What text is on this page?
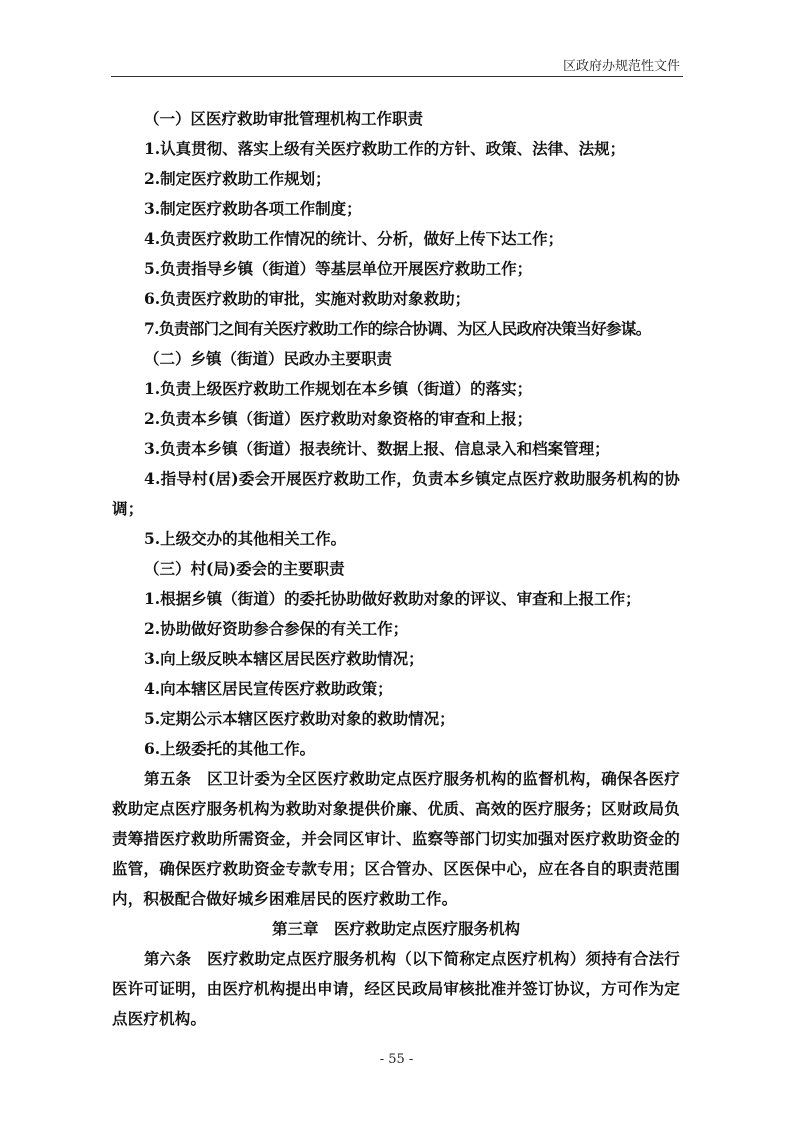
区政府办规范性文件
（一）区医疗救助审批管理机构工作职责
1.认真贯彻、落实上级有关医疗救助工作的方针、政策、法律、法规；
2.制定医疗救助工作规划；
3.制定医疗救助各项工作制度；
4.负责医疗救助工作情况的统计、分析，做好上传下达工作；
5.负责指导乡镇（街道）等基层单位开展医疗救助工作；
6.负责医疗救助的审批，实施对救助对象救助；
7.负责部门之间有关医疗救助工作的综合协调、为区人民政府决策当好参谋。
（二）乡镇（街道）民政办主要职责
1.负责上级医疗救助工作规划在本乡镇（街道）的落实；
2.负责本乡镇（街道）医疗救助对象资格的审查和上报；
3.负责本乡镇（街道）报表统计、数据上报、信息录入和档案管理；
4.指导村(居)委会开展医疗救助工作，负责本乡镇定点医疗救助服务机构的协调；
5.上级交办的其他相关工作。
（三）村(局)委会的主要职责
1.根据乡镇（街道）的委托协助做好救助对象的评议、审查和上报工作；
2.协助做好资助参合参保的有关工作；
3.向上级反映本辖区居民医疗救助情况；
4.向本辖区居民宣传医疗救助政策；
5.定期公示本辖区医疗救助对象的救助情况；
6.上级委托的其他工作。
第五条　区卫计委为全区医疗救助定点医疗服务机构的监督机构，确保各医疗救助定点医疗服务机构为救助对象提供价廉、优质、高效的医疗服务；区财政局负责筹措医疗救助所需资金，并会同区审计、监察等部门切实加强对医疗救助资金的监管，确保医疗救助资金专款专用；区合管办、区医保中心，应在各自的职责范围内，积极配合做好城乡困难居民的医疗救助工作。
第三章　医疗救助定点医疗服务机构
第六条　医疗救助定点医疗服务机构（以下简称定点医疗机构）须持有合法行医许可证明，由医疗机构提出申请，经区民政局审核批准并签订协议，方可作为定点医疗机构。
- 55 -
